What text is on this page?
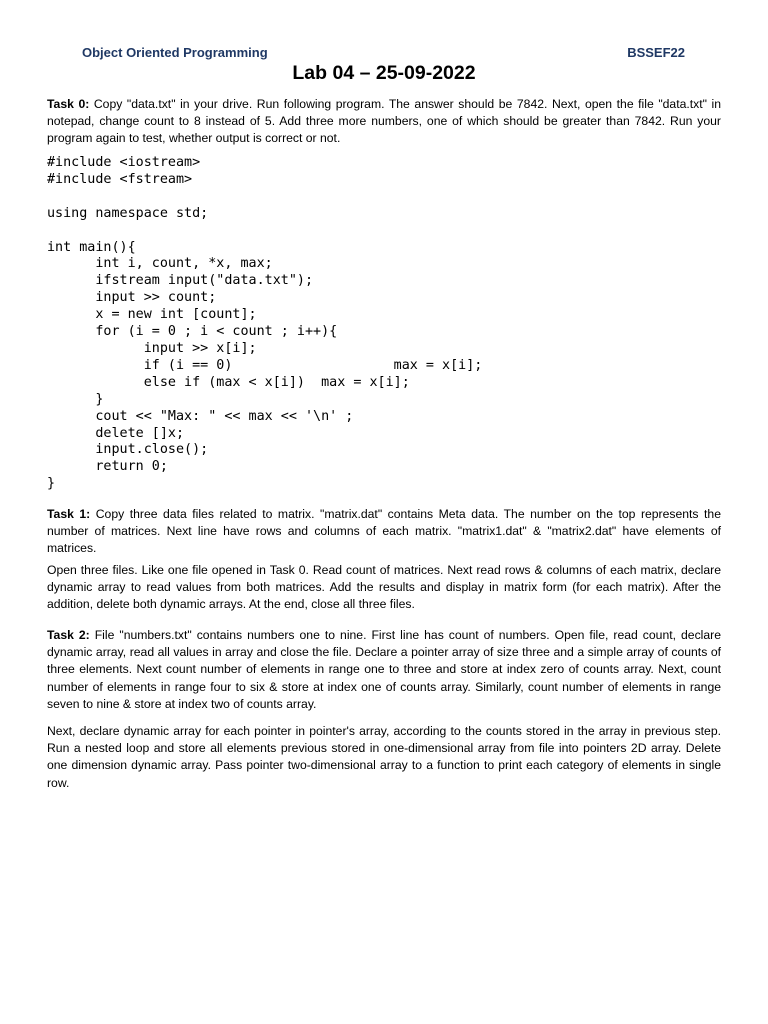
Object Oriented Programming	BSSEF22
Lab 04 – 25-09-2022
Task 0: Copy "data.txt" in your drive. Run following program. The answer should be 7842. Next, open the file "data.txt" in notepad, change count to 8 instead of 5. Add three more numbers, one of which should be greater than 7842. Run your program again to test, whether output is correct or not.
#include <iostream>
#include <fstream>

using namespace std;

int main(){
int i, count, *x, max;
ifstream input("data.txt");
input >> count;
x = new int [count];
for (i = 0 ; i < count ; i++){
input >> x[i];
if (i == 0)                    max = x[i];
else if (max < x[i])  max = x[i];
}
cout << "Max: " << max << '\n' ;
delete []x;
input.close();
return 0;
}
Task 1: Copy three data files related to matrix. "matrix.dat" contains Meta data. The number on the top represents the number of matrices. Next line have rows and columns of each matrix. "matrix1.dat" & "matrix2.dat" have elements of matrices.
Open three files. Like one file opened in Task 0. Read count of matrices. Next read rows & columns of each matrix, declare dynamic array to read values from both matrices. Add the results and display in matrix form (for each matrix). After the addition, delete both dynamic arrays. At the end, close all three files.
Task 2: File "numbers.txt" contains numbers one to nine. First line has count of numbers. Open file, read count, declare dynamic array, read all values in array and close the file. Declare a pointer array of size three and a simple array of counts of three elements. Next count number of elements in range one to three and store at index zero of counts array. Next, count number of elements in range four to six & store at index one of counts array. Similarly, count number of elements in range seven to nine & store at index two of counts array.
Next, declare dynamic array for each pointer in pointer's array, according to the counts stored in the array in previous step. Run a nested loop and store all elements previous stored in one-dimensional array from file into pointers 2D array. Delete one dimension dynamic array. Pass pointer two-dimensional array to a function to print each category of elements in single row.
